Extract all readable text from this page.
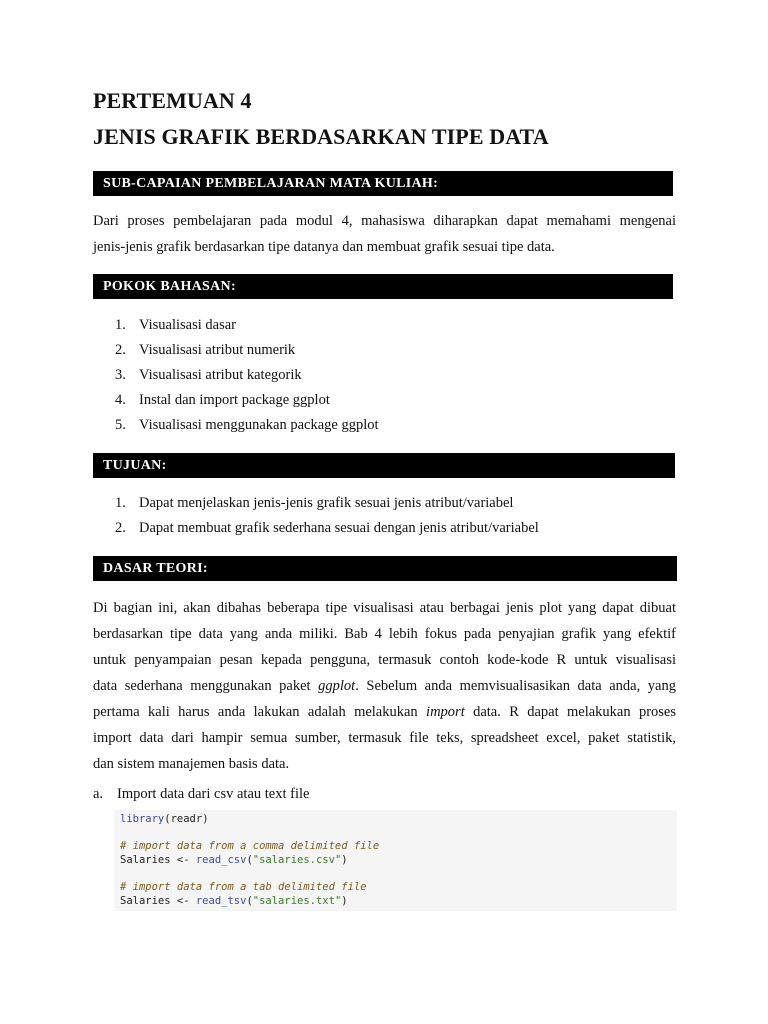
PERTEMUAN 4
JENIS GRAFIK BERDASARKAN TIPE DATA
SUB-CAPAIAN PEMBELAJARAN MATA KULIAH:
Dari proses pembelajaran pada modul 4, mahasiswa diharapkan dapat memahami mengenai
jenis-jenis grafik berdasarkan tipe datanya dan membuat grafik sesuai tipe data.
POKOK BAHASAN:
1. Visualisasi dasar
2. Visualisasi atribut numerik
3. Visualisasi atribut kategorik
4. Instal dan import package ggplot
5. Visualisasi menggunakan package ggplot
TUJUAN:
1. Dapat menjelaskan jenis-jenis grafik sesuai jenis atribut/variabel
2. Dapat membuat grafik sederhana sesuai dengan jenis atribut/variabel
DASAR TEORI:
Di bagian ini, akan dibahas beberapa tipe visualisasi atau berbagai jenis plot yang dapat dibuat
berdasarkan tipe data yang anda miliki. Bab 4 lebih fokus pada penyajian grafik yang efektif
untuk penyampaian pesan kepada pengguna, termasuk contoh kode-kode R untuk visualisasi
data sederhana menggunakan paket ggplot. Sebelum anda memvisualisasikan data anda, yang
pertama kali harus anda lakukan adalah melakukan import data. R dapat melakukan proses
import data dari hampir semua sumber, termasuk file teks, spreadsheet excel, paket statistik,
dan sistem manajemen basis data.
a. Import data dari csv atau text file
library(readr)
# import data from a comma delimited file
Salaries <- read_csv("salaries.csv")
# import data from a tab delimited file
Salaries <- read_tsv("salaries.txt")
